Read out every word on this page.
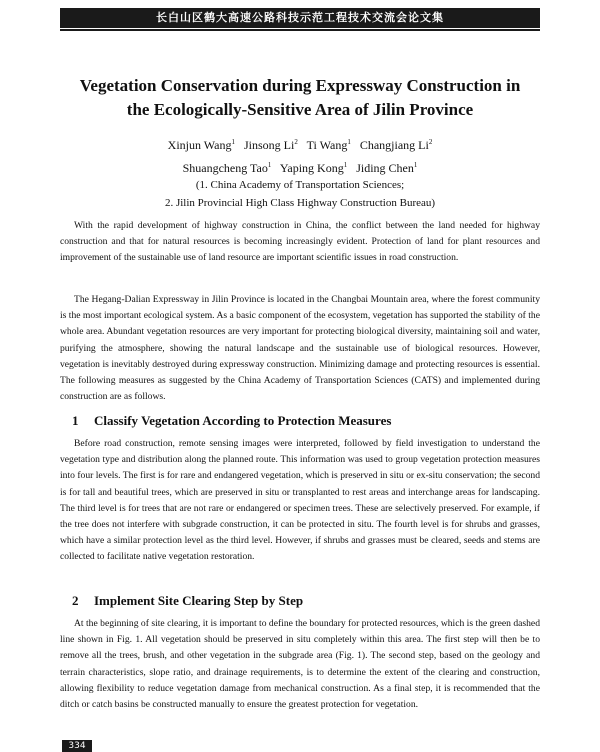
长白山区鹤大高速公路科技示范工程技术交流会论文集
Vegetation Conservation during Expressway Construction in
the Ecologically-Sensitive Area of Jilin Province
Xinjun Wang$^1$ Jinsong Li$^2$ Ti Wang$^1$ Changjiang Li$^2$
Shuangcheng Tao$^1$ Yaping Kong$^1$ Jiding Chen$^1$
(1. China Academy of Transportation Sciences;
2. Jilin Provincial High Class Highway Construction Bureau)

With the rapid development of highway construction in China, the conflict between the land needed for highway construction and that for natural resources is becoming increasingly evident. Protection of land for plant resources and improvement of the sustainable use of land resource are important scientific issues in road construction.

The Hegang-Dalian Expressway in Jilin Province is located in the Changbai Mountain area, where the forest community is the most important ecological system. As a basic component of the ecosystem, vegetation has supported the stability of the whole area. Abundant vegetation resources are very important for protecting biological diversity, maintaining soil and water, purifying the atmosphere, showing the natural landscape and the sustainable use of biological resources. However, vegetation is inevitably destroyed during expressway construction. Minimizing damage and protecting resources is essential. The following measures as suggested by the China Academy of Transportation Sciences (CATS) and implemented during construction are as follows.

1 Classify Vegetation According to Protection Measures

Before road construction, remote sensing images were interpreted, followed by field investigation to understand the vegetation type and distribution along the planned route. This information was used to group vegetation protection measures into four levels. The first is for rare and endangered vegetation, which is preserved in situ or ex-situ conservation; the second is for tall and beautiful trees, which are preserved in situ or transplanted to rest areas and interchange areas for landscaping. The third level is for trees that are not rare or endangered or specimen trees. These are selectively preserved. For example, if the tree does not interfere with subgrade construction, it can be protected in situ. The fourth level is for shrubs and grasses, which have a similar protection level as the third level. However, if shrubs and grasses must be cleared, seeds and stems are collected to facilitate native vegetation restoration.

2 Implement Site Clearing Step by Step

At the beginning of site clearing, it is important to define the boundary for protected resources, which is the green dashed line shown in Fig. 1. All vegetation should be preserved in situ completely within this area. The first step will then be to remove all the trees, brush, and other vegetation in the subgrade area (Fig. 1). The second step, based on the geology and terrain characteristics, slope ratio, and drainage requirements, is to determine the extent of the clearing and construction, allowing flexibility to reduce vegetation damage from mechanical construction. As a final step, it is recommended that the ditch or catch basins be constructed manually to ensure the greatest protection for vegetation.

334
